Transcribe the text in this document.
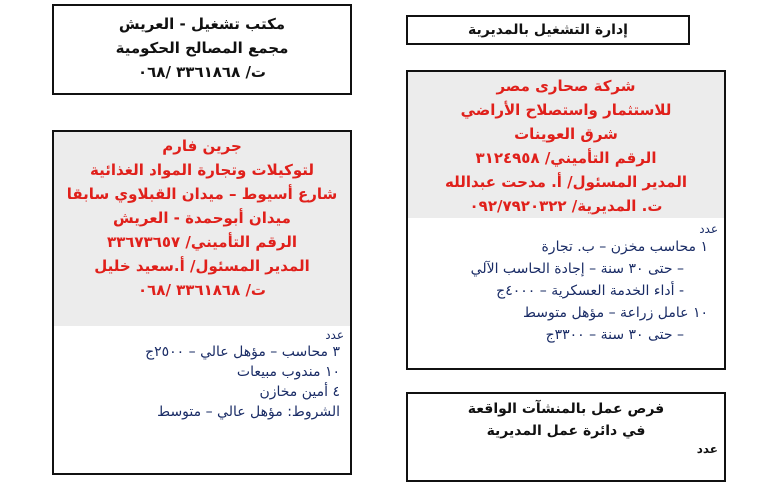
مكتب تشغيل - العريش
مجمع المصالح الحكومية
ت/ ٣٣٦١٨٦٨ /٠٦٨
إدارة التشغيل بالمديرية
شركة صحارى مصر
للاستثمار واستصلاح الأراضي
شرق العوينات
الرقم التأميني/ ٣١٢٤٩٥٨
المدير المسئول/ أ. مدحت عبدالله
ت. المديرية/ ٠٩٢/٧٩٢٠٣٢٢
عدد
١ محاسب مخزن – ب. تجارة
– حتى ٣٠ سنة – إجادة الحاسب الآلي
- أداء الخدمة العسكرية – ٤٠٠٠ج
١٠ عامل زراعة – مؤهل متوسط
– حتى ٣٠ سنة – ٣٣٠٠ج
جرين فارم
لتوكيلات وتجارة المواد الغذائية
شارع أسيوط – ميدان القبلاوي سابقا
ميدان أبوحمدة - العريش
الرقم التأميني/ ٣٣٦٧٣٦٥٧
المدير المسئول/ أ.سعيد خليل
ت/ ٣٣٦١٨٦٨ /٠٦٨
عدد
٣ محاسب – مؤهل عالي – ٢٥٠٠ج
١٠ مندوب مبيعات
٤ أمين مخازن
الشروط: مؤهل عالي – متوسط	فرص عمل بالمنشآت الواقعة
في دائرة عمل المديرية
عدد
